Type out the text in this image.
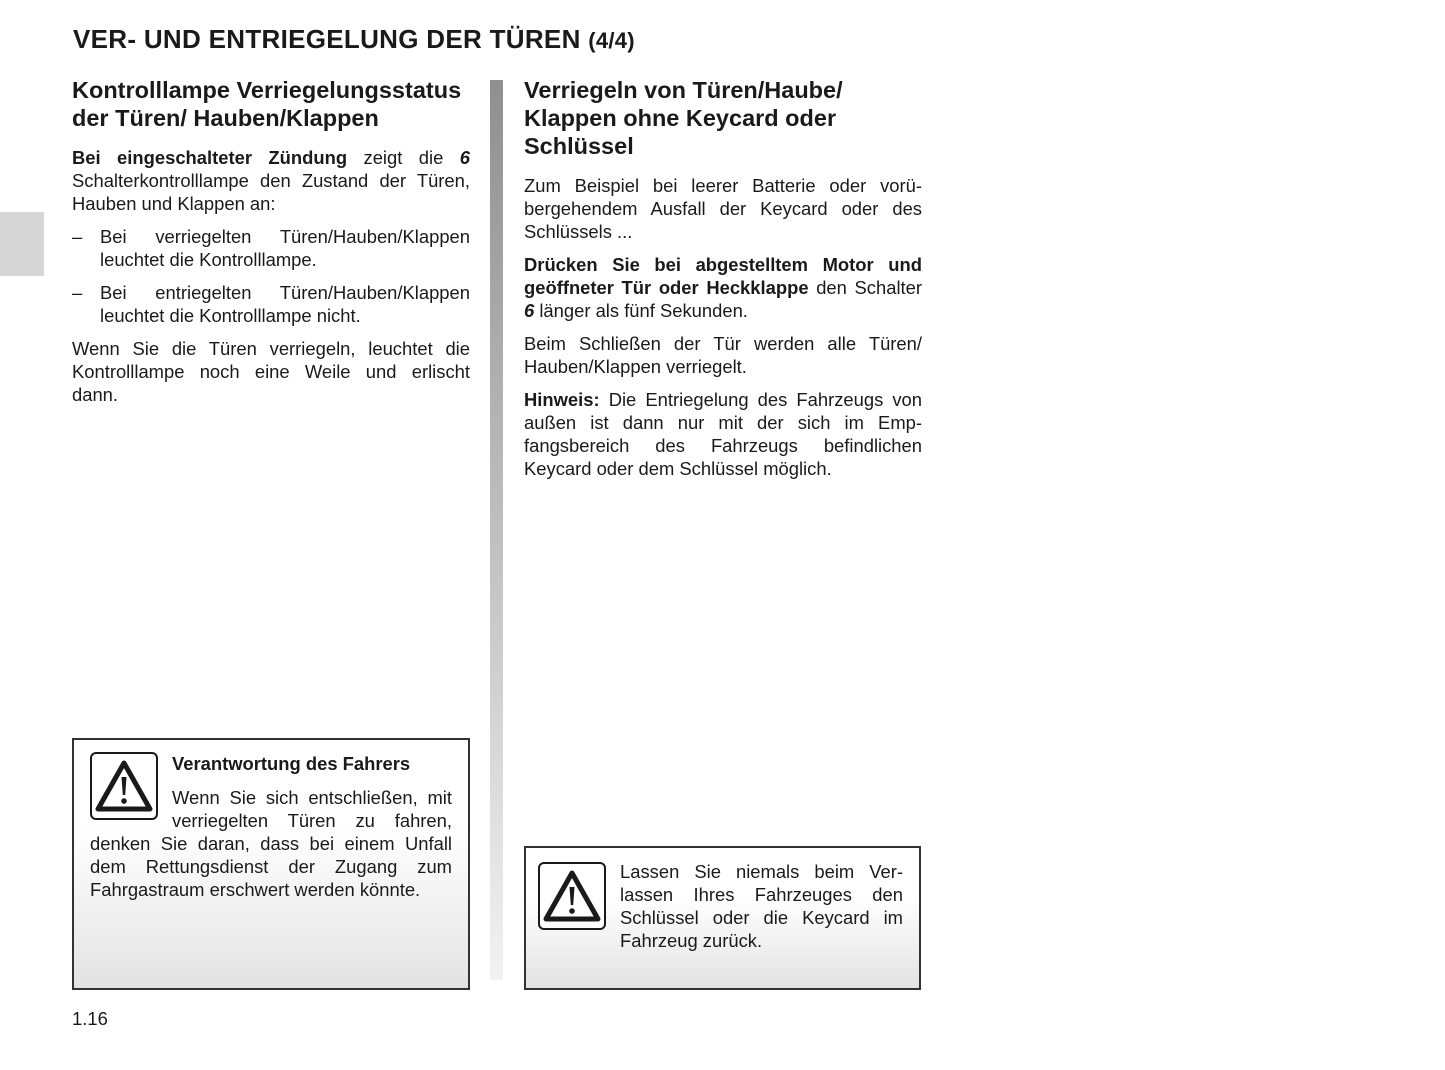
VER- UND ENTRIEGELUNG DER TÜREN (4/4)
Kontrolllampe Verriegelungsstatus der Türen/ Hauben/Klappen

Bei eingeschalteter Zündung zeigt die 6 Schalterkontrolllampe den Zustand der Türen, Hauben und Klappen an:

– Bei verriegelten Türen/Hauben/Klappen leuchtet die Kontrolllampe.

– Bei entriegelten Türen/Hauben/Klappen leuchtet die Kontrolllampe nicht.

Wenn Sie die Türen verriegeln, leuchtet die Kontrolllampe noch eine Weile und erlischt dann.

Verriegeln von Türen/Haube/ Klappen ohne Keycard oder Schlüssel

Zum Beispiel bei leerer Batterie oder vorübergehendem Ausfall der Keycard oder des Schlüssels ...

Drücken Sie bei abgestelltem Motor und geöffneter Tür oder Heckklappe den Schalter 6 länger als fünf Sekunden.

Beim Schließen der Tür werden alle Türen/ Hauben/Klappen verriegelt.

Hinweis: Die Entriegelung des Fahrzeugs von außen ist dann nur mit der sich im Empfangsbereich des Fahrzeugs befindlichen Keycard oder dem Schlüssel möglich.

Verantwortung des Fahrers

Wenn Sie sich entschließen, mit verriegelten Türen zu fahren, denken Sie daran, dass bei einem Unfall dem Rettungsdienst der Zugang zum Fahrgastraum erschwert werden könnte.

Lassen Sie niemals beim Verlassen Ihres Fahrzeuges den Schlüssel oder die Keycard im Fahrzeug zurück.

1.16
